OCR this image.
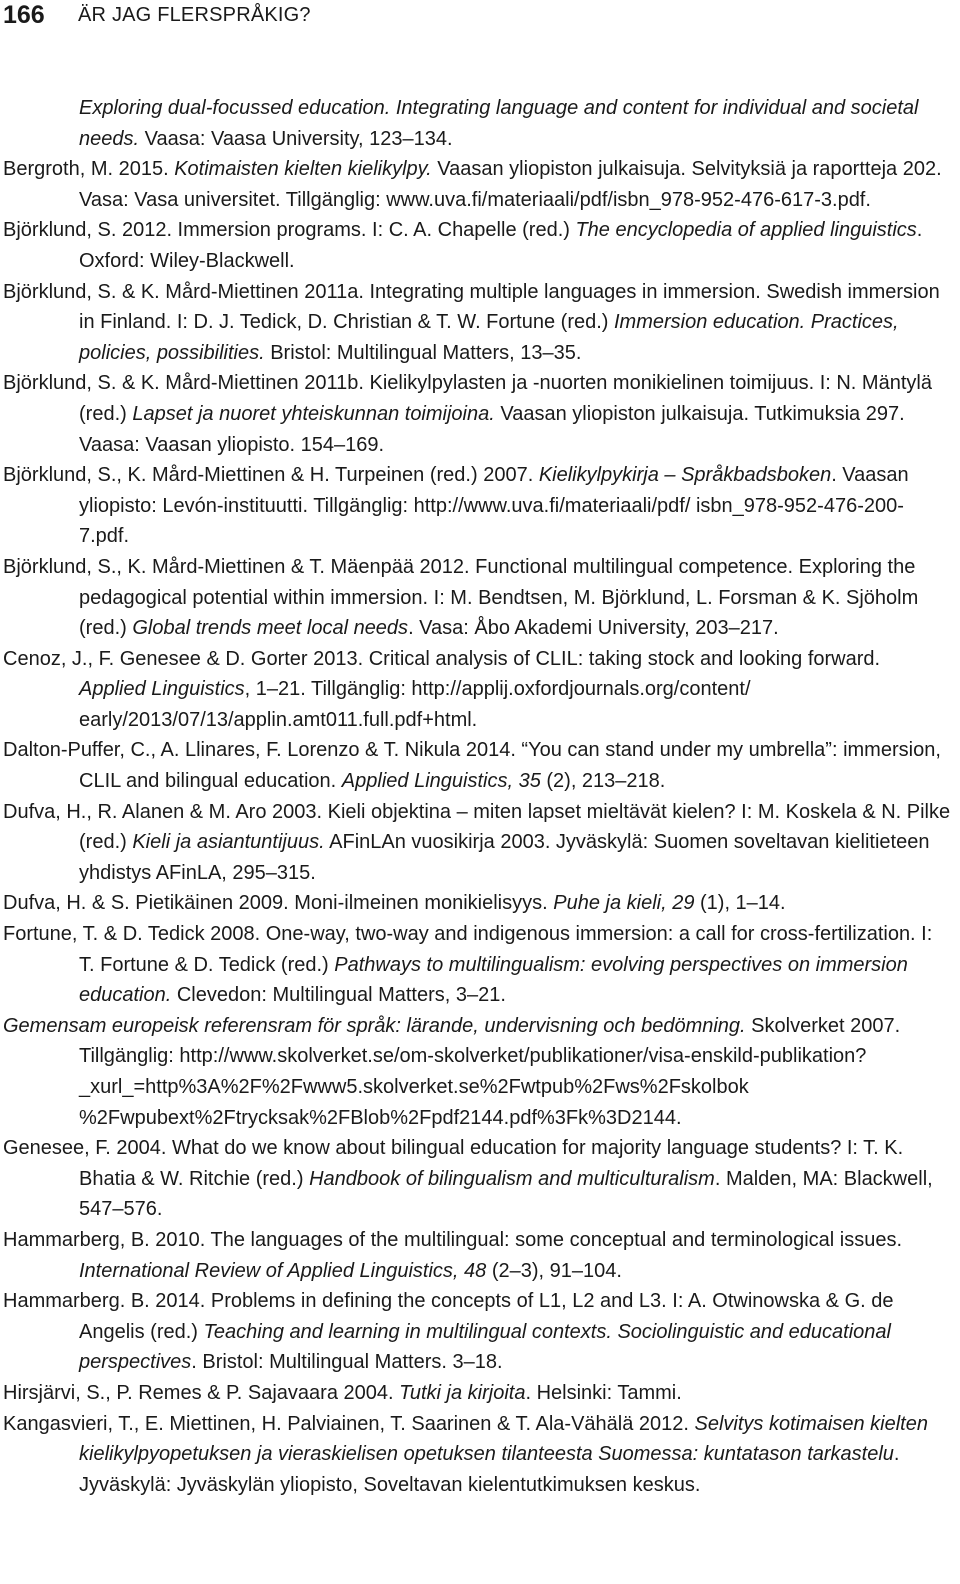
166	ÄR JAG FLERSPRÅKIG?

Exploring dual-focussed education. Integrating language and content for individual and societal needs. Vaasa: Vaasa University, 123–134.

Bergroth, M. 2015. Kotimaisten kielten kielikylpy. Vaasan yliopiston julkaisuja. Selvityksiä ja raportteja 202. Vasa: Vasa universitet. Tillgänglig: www.uva.fi/materiaali/pdf/isbn_978-952-476-617-3.pdf.

Björklund, S. 2012. Immersion programs. I: C. A. Chapelle (red.) The encyclopedia of applied linguistics. Oxford: Wiley-Blackwell.

Björklund, S. & K. Mård-Miettinen 2011a. Integrating multiple languages in immersion. Swedish immersion in Finland. I: D. J. Tedick, D. Christian & T. W. Fortune (red.) Immersion education. Practices, policies, possibilities. Bristol: Multilingual Matters, 13–35.

Björklund, S. & K. Mård-Miettinen 2011b. Kielikylpylasten ja -nuorten monikielinen toimijuus. I: N. Mäntylä (red.) Lapset ja nuoret yhteiskunnan toimijoina. Vaasan yliopiston julkaisuja. Tutkimuksia 297. Vaasa: Vaasan yliopisto. 154–169.

Björklund, S., K. Mård-Miettinen & H. Turpeinen (red.) 2007. Kielikylpykirja – Språkbadsboken. Vaasan yliopisto: Levón-instituutti. Tillgänglig: http://www.uva.fi/materiaali/pdf/ isbn_978-952-476-200-7.pdf.

Björklund, S., K. Mård-Miettinen & T. Mäenpää 2012. Functional multilingual competence. Exploring the pedagogical potential within immersion. I: M. Bendtsen, M. Björklund, L. Forsman & K. Sjöholm (red.) Global trends meet local needs. Vasa: Åbo Akademi University, 203–217.

Cenoz, J., F. Genesee & D. Gorter 2013. Critical analysis of CLIL: taking stock and looking forward. Applied Linguistics, 1–21. Tillgänglig: http://applij.oxfordjournals.org/content/ early/2013/07/13/applin.amt011.full.pdf+html.

Dalton-Puffer, C., A. Llinares, F. Lorenzo & T. Nikula 2014. “You can stand under my umbrella”: immersion, CLIL and bilingual education. Applied Linguistics, 35 (2), 213–218.

Dufva, H., R. Alanen & M. Aro 2003. Kieli objektina – miten lapset mieltävät kielen? I: M. Koskela & N. Pilke (red.) Kieli ja asiantuntijuus. AFinLAn vuosikirja 2003. Jyväskylä: Suomen soveltavan kielitieteen yhdistys AFinLA, 295–315.

Dufva, H. & S. Pietikäinen 2009. Moni-ilmeinen monikielisyys. Puhe ja kieli, 29 (1), 1–14.

Fortune, T. & D. Tedick 2008. One-way, two-way and indigenous immersion: a call for cross-fertilization. I: T. Fortune & D. Tedick (red.) Pathways to multilingualism: evolving perspectives on immersion education. Clevedon: Multilingual Matters, 3–21.

Gemensam europeisk referensram för språk: lärande, undervisning och bedömning. Skolverket 2007. Tillgänglig: http://www.skolverket.se/om-skolverket/publikationer/visa-enskild-publikation?_xurl_=http%3A%2F%2Fwww5.skolverket.se%2Fwtpub%2Fws%2Fskolbok %2Fwpubext%2Ftrycksak%2FBlob%2Fpdf2144.pdf%3Fk%3D2144.

Genesee, F. 2004. What do we know about bilingual education for majority language students? I: T. K. Bhatia & W. Ritchie (red.) Handbook of bilingualism and multiculturalism. Malden, MA: Blackwell, 547–576.

Hammarberg, B. 2010. The languages of the multilingual: some conceptual and terminological issues. International Review of Applied Linguistics, 48 (2–3), 91–104.

Hammarberg. B. 2014. Problems in defining the concepts of L1, L2 and L3. I: A. Otwinowska & G. de Angelis (red.) Teaching and learning in multilingual contexts. Sociolinguistic and educational perspectives. Bristol: Multilingual Matters. 3–18.

Hirsjärvi, S., P. Remes & P. Sajavaara 2004. Tutki ja kirjoita. Helsinki: Tammi.

Kangasvieri, T., E. Miettinen, H. Palviainen, T. Saarinen & T. Ala-Vähälä 2012. Selvitys kotimaisen kielten kielikylpyopetuksen ja vieraskielisen opetuksen tilanteesta Suomessa: kuntatason tarkastelu. Jyväskylä: Jyväskylän yliopisto, Soveltavan kielentutkimuksen keskus.
